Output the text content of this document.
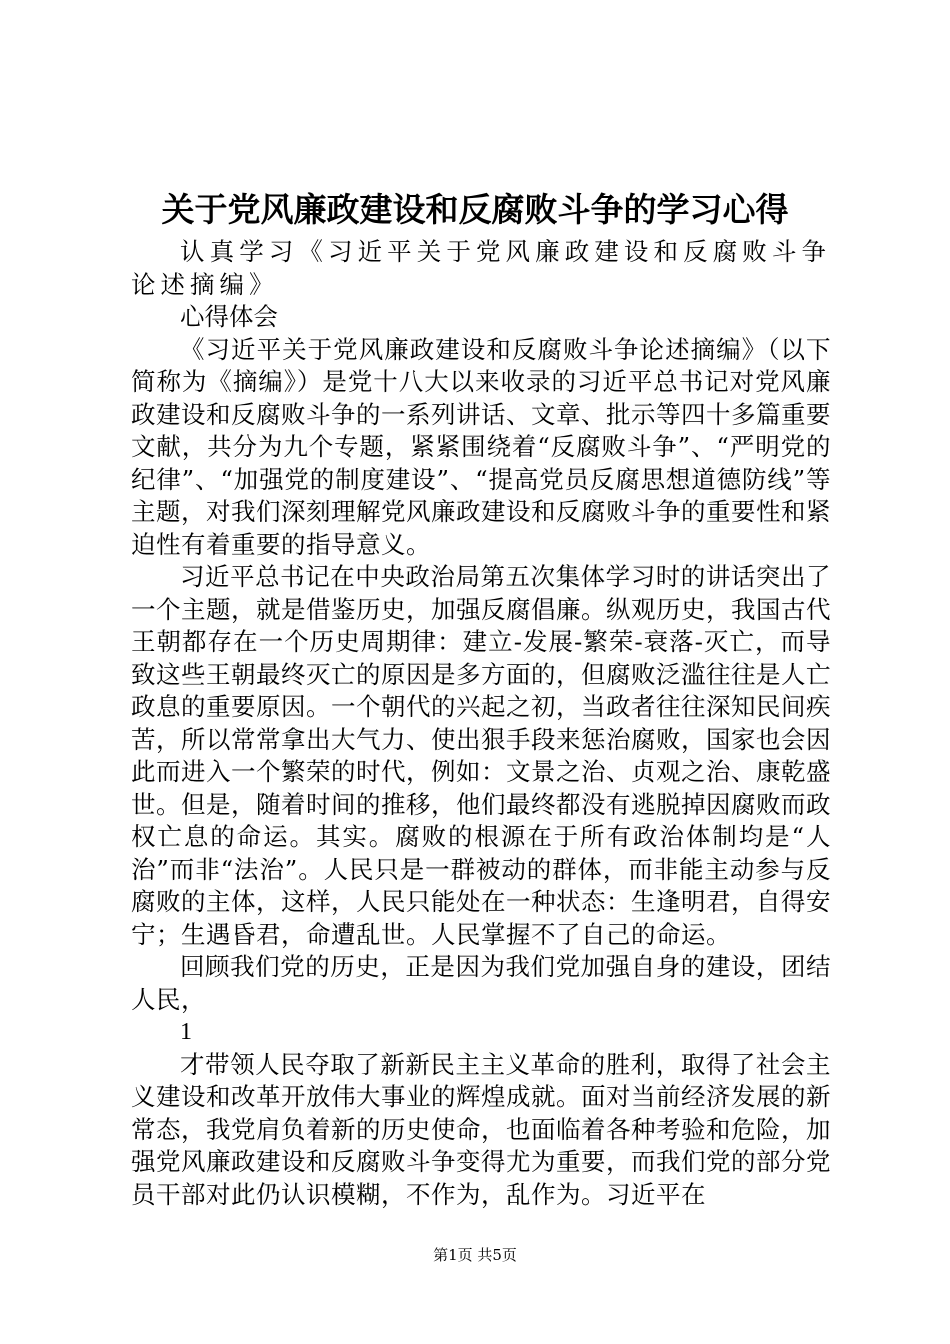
关于党风廉政建设和反腐败斗争的学习心得

认真学习《习近平关于党风廉政建设和反腐败斗争论述摘编》

心得体会

《习近平关于党风廉政建设和反腐败斗争论述摘编》（以下简称为《摘编》）是党十八大以来收录的习近平总书记对党风廉政建设和反腐败斗争的一系列讲话、文章、批示等四十多篇重要文献，共分为九个专题，紧紧围绕着“反腐败斗争”、“严明党的纪律”、“加强党的制度建设”、“提高党员反腐思想道德防线”等主题，对我们深刻理解党风廉政建设和反腐败斗争的重要性和紧迫性有着重要的指导意义。

习近平总书记在中央政治局第五次集体学习时的讲话突出了一个主题，就是借鉴历史，加强反腐倡廉。纵观历史，我国古代王朝都存在一个历史周期律：建立-发展-繁荣-衰落-灭亡，而导致这些王朝最终灭亡的原因是多方面的，但腐败泛滥往往是人亡政息的重要原因。一个朝代的兴起之初，当政者往往深知民间疾苦，所以常常拿出大气力、使出狠手段来惩治腐败，国家也会因此而进入一个繁荣的时代，例如：文景之治、贞观之治、康乾盛世。但是，随着时间的推移，他们最终都没有逃脱掉因腐败而政权亡息的命运。其实。腐败的根源在于所有政治体制均是“人治”而非“法治”。人民只是一群被动的群体，而非能主动参与反腐败的主体，这样，人民只能处在一种状态：生逢明君，自得安宁；生遇昏君，命遭乱世。人民掌握不了自己的命运。

回顾我们党的历史，正是因为我们党加强自身的建设，团结人民，

1

才带领人民夺取了新新民主主义革命的胜利，取得了社会主义建设和改革开放伟大事业的辉煌成就。面对当前经济发展的新常态，我党肩负着新的历史使命，也面临着各种考验和危险，加强党风廉政建设和反腐败斗争变得尤为重要，而我们党的部分党员干部对此仍认识模糊，不作为，乱作为。习近平在

第1页 共5页
